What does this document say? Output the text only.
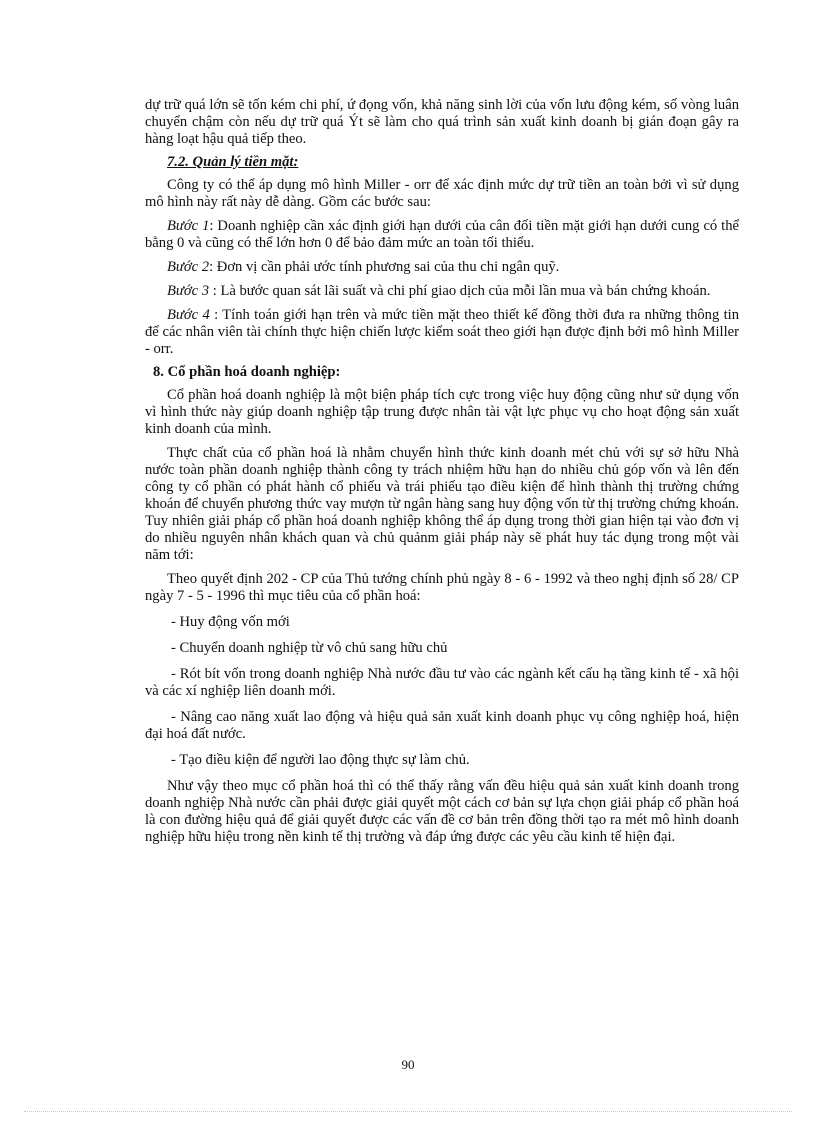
dự trữ quá lớn sẽ tốn kém chi phí, ứ đọng vốn, khả năng sinh lời của vốn lưu động kém, số vòng luân chuyển chậm còn nếu dự trữ quá Ýt sẽ làm cho quá trình sản xuất kinh doanh bị gián đoạn gây ra hàng loạt hậu quả tiếp theo.

7.2. Quản lý tiền mặt:

Công ty có thể áp dụng mô hình Miller - orr để xác định mức dự trữ tiền an toàn bởi vì sử dụng mô hình này rất này dễ dàng. Gồm các bước sau:

Bước 1: Doanh nghiệp cần xác định giới hạn dưới của cân đối tiền mặt giới hạn dưới cung có thể bằng 0 và cũng có thể lớn hơn 0 để bảo đảm mức an toàn tối thiểu.

Bước 2: Đơn vị cần phải ước tính phương sai của thu chi ngân quỹ.

Bước 3 : Là bước quan sát lãi suất và chi phí giao dịch của mỗi lần mua và bán chứng khoán.

Bước 4 : Tính toán giới hạn trên và mức tiền mặt theo thiết kế đồng thời đưa ra những thông tin để các nhân viên tài chính thực hiện chiến lược kiểm soát theo giới hạn được định bởi mô hình Miller - orr.

8. Cổ phần hoá doanh nghiệp:

Cổ phần hoá doanh nghiệp là một biện pháp tích cực trong việc huy động cũng như sử dụng vốn vì hình thức này giúp doanh nghiệp tập trung được nhân tài vật lực phục vụ cho hoạt động sản xuất kinh doanh của mình.

Thực chất của cổ phần hoá là nhằm chuyển hình thức kinh doanh mét chủ với sự sở hữu Nhà nước toàn phần doanh nghiệp thành công ty trách nhiệm hữu hạn do nhiều chủ góp vốn và lên đến công ty cổ phần có phát hành cổ phiếu và trái phiếu tạo điều kiện để hình thành thị trường chứng khoán để chuyển phương thức vay mượn từ ngân hàng sang huy động vốn từ thị trường chứng khoán. Tuy nhiên giải pháp cổ phần hoá doanh nghiệp không thể áp dụng trong thời gian hiện tại vào đơn vị do nhiều nguyên nhân khách quan và chủ quảnm giải pháp này sẽ phát huy tác dụng trong một vài năm tới:

Theo quyết định 202 - CP của Thủ tướng chính phủ ngày 8 - 6 - 1992 và theo nghị định số 28/ CP ngày 7 - 5 - 1996 thì mục tiêu của cổ phần hoá:

- Huy động vốn mới

- Chuyển doanh nghiệp từ vô chủ sang hữu chủ

- Rót bít vốn trong doanh nghiệp Nhà nước đầu tư vào các ngành kết cấu hạ tầng kinh tế - xã hội và các xí nghiệp liên doanh mới.

- Nâng cao năng xuất lao động và hiệu quả sản xuất kinh doanh phục vụ công nghiệp hoá, hiện đại hoá đất nước.

- Tạo điều kiện để người lao động thực sự làm chủ.

Như vậy theo mục cổ phần hoá thì có thể thấy rằng vấn đều hiệu quả sản xuất kinh doanh trong doanh nghiệp Nhà nước cần phải được giải quyết một cách cơ bản sự lựa chọn giải pháp cổ phần hoá là con đường hiệu quả để giải quyết được các vấn đề cơ bản trên đồng thời tạo ra mét mô hình doanh nghiệp hữu hiệu trong nền kinh tế thị trường và đáp ứng được các yêu cầu kinh tế hiện đại.

90
